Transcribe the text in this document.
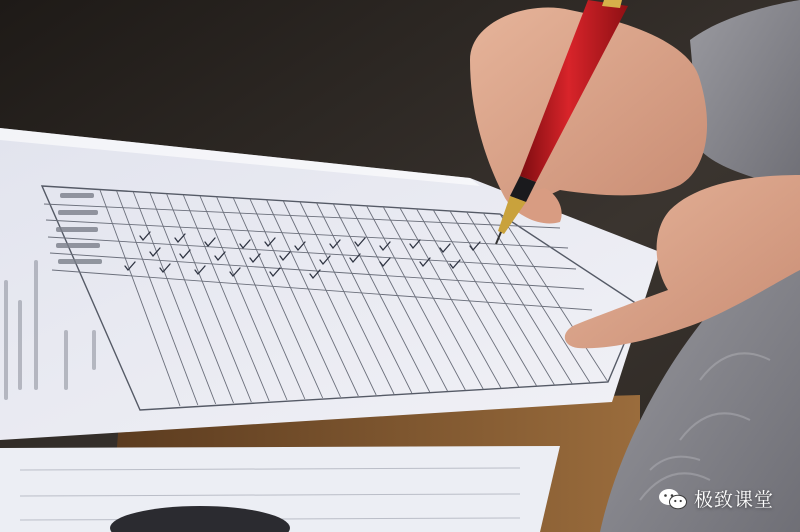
极致课堂
